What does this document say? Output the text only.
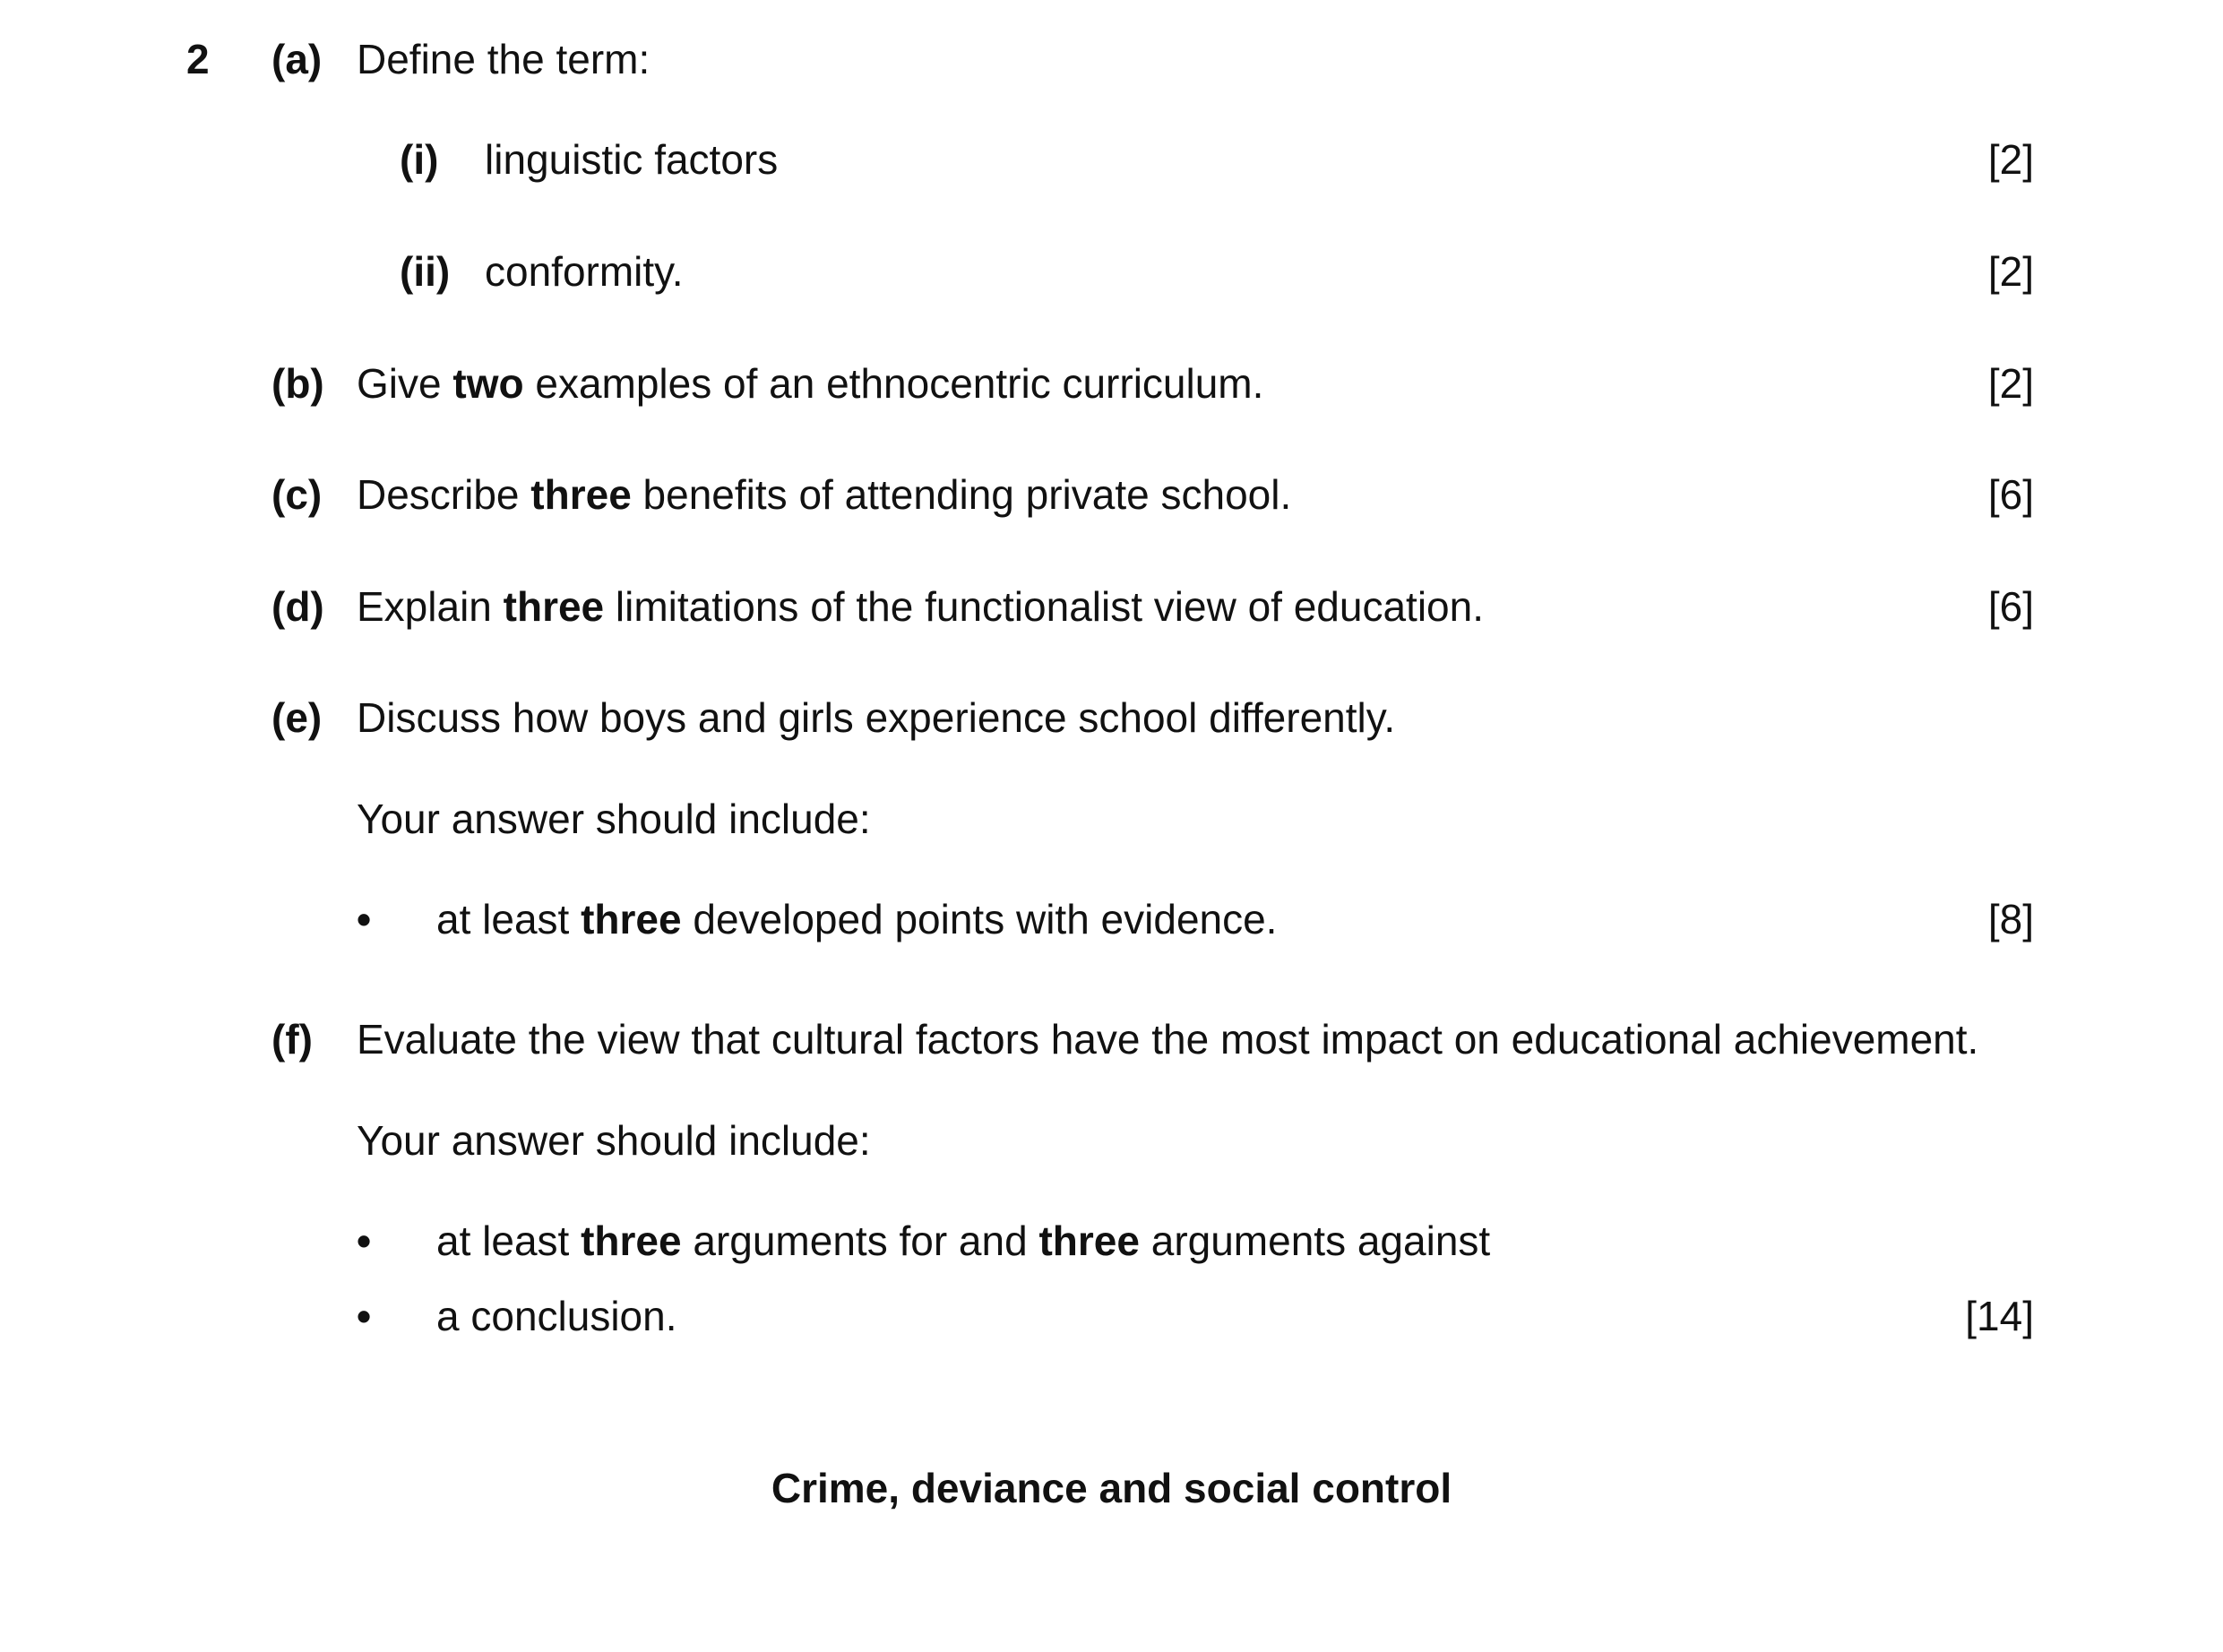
2 (a) Define the term:
(i) linguistic factors	[2]
(ii) conformity.	[2]
(b) Give two examples of an ethnocentric curriculum.	[2]
(c) Describe three benefits of attending private school.	[6]
(d) Explain three limitations of the functionalist view of education.	[6]
(e) Discuss how boys and girls experience school differently.
Your answer should include:
• at least three developed points with evidence.	[8]
(f) Evaluate the view that cultural factors have the most impact on educational achievement.
Your answer should include:
• at least three arguments for and three arguments against
• a conclusion.	[14]
Crime, deviance and social control
